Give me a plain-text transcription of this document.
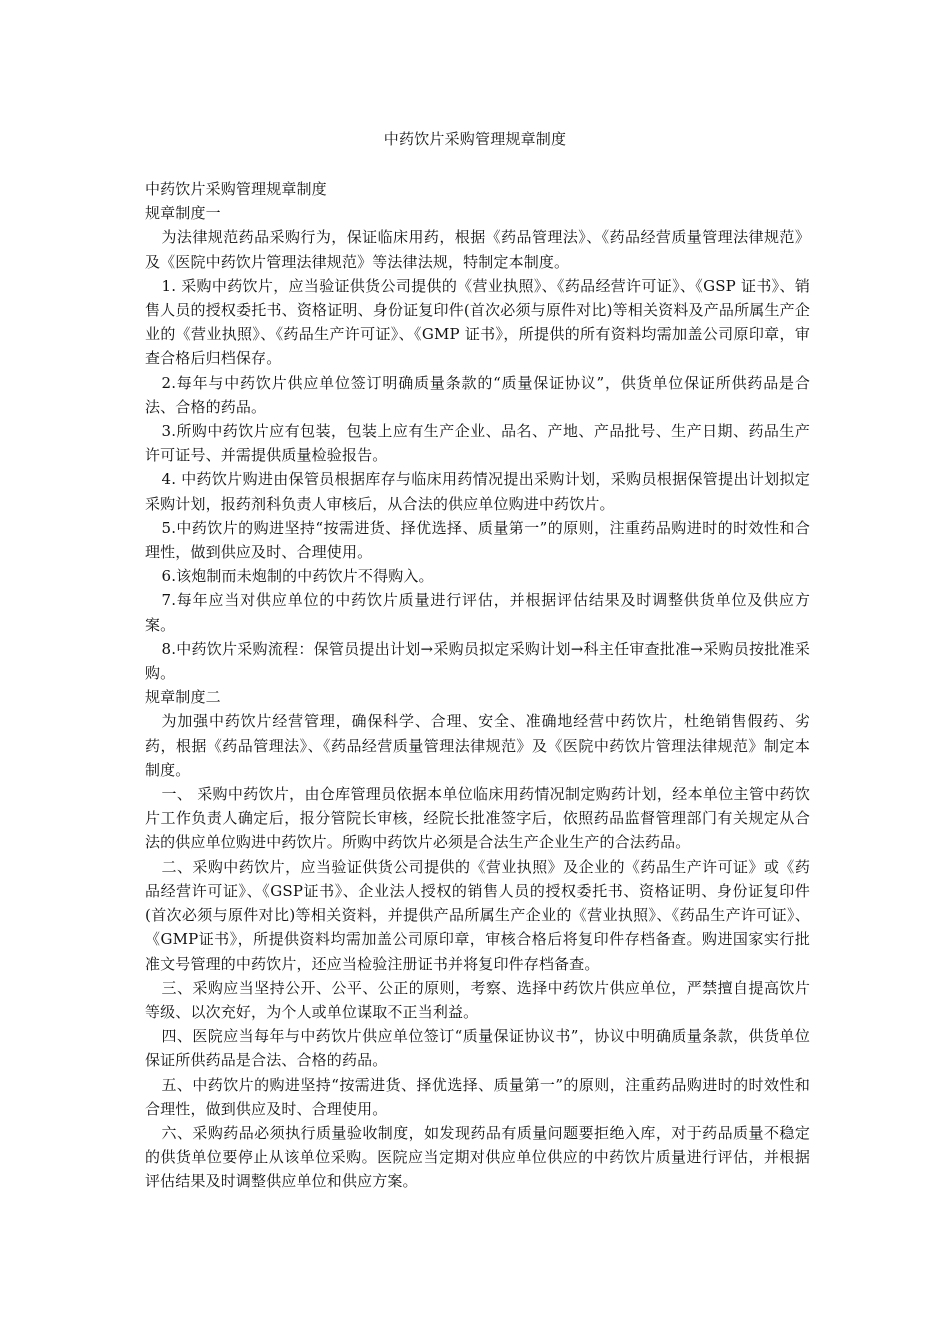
中药饮片采购管理规章制度

中药饮片采购管理规章制度

规章制度一

为法律规范药品采购行为，保证临床用药，根据《药品管理法》、《药品经营质量管理法律规范》及《医院中药饮片管理法律规范》等法律法规，特制定本制度。

1. 采购中药饮片，应当验证供货公司提供的《营业执照》、《药品经营许可证》、《GSP 证书》、销售人员的授权委托书、资格证明、身份证复印件(首次必须与原件对比)等相关资料及产品所属生产企业的《营业执照》、《药品生产许可证》、《GMP 证书》，所提供的所有资料均需加盖公司原印章，审查合格后归档保存。

2.每年与中药饮片供应单位签订明确质量条款的“质量保证协议”，供货单位保证所供药品是合法、合格的药品。

3.所购中药饮片应有包装，包装上应有生产企业、品名、产地、产品批号、生产日期、药品生产许可证号、并需提供质量检验报告。

4. 中药饮片购进由保管员根据库存与临床用药情况提出采购计划，采购员根据保管提出计划拟定采购计划，报药剂科负责人审核后，从合法的供应单位购进中药饮片。

5.中药饮片的购进坚持“按需进货、择优选择、质量第一”的原则，注重药品购进时的时效性和合理性，做到供应及时、合理使用。

6.该炮制而未炮制的中药饮片不得购入。

7.每年应当对供应单位的中药饮片质量进行评估，并根据评估结果及时调整供货单位及供应方案。

8.中药饮片采购流程：保管员提出计划→采购员拟定采购计划→科主任审查批准→采购员按批准采购。

规章制度二

为加强中药饮片经营管理，确保科学、合理、安全、准确地经营中药饮片，杜绝销售假药、劣药，根据《药品管理法》、《药品经营质量管理法律规范》及《医院中药饮片管理法律规范》制定本制度。

一、 采购中药饮片，由仓库管理员依据本单位临床用药情况制定购药计划，经本单位主管中药饮片工作负责人确定后，报分管院长审核，经院长批准签字后，依照药品监督管理部门有关规定从合法的供应单位购进中药饮片。所购中药饮片必须是合法生产企业生产的合法药品。

二、采购中药饮片，应当验证供货公司提供的《营业执照》及企业的《药品生产许可证》或《药品经营许可证》、《GSP证书》、企业法人授权的销售人员的授权委托书、资格证明、身份证复印件(首次必须与原件对比)等相关资料，并提供产品所属生产企业的《营业执照》、《药品生产许可证》、《GMP证书》，所提供资料均需加盖公司原印章，审核合格后将复印件存档备查。购进国家实行批准文号管理的中药饮片，还应当检验注册证书并将复印件存档备查。

三、采购应当坚持公开、公平、公正的原则，考察、选择中药饮片供应单位，严禁擅自提高饮片等级、以次充好，为个人或单位谋取不正当利益。

四、医院应当每年与中药饮片供应单位签订“质量保证协议书”，协议中明确质量条款，供货单位保证所供药品是合法、合格的药品。

五、中药饮片的购进坚持“按需进货、择优选择、质量第一”的原则，注重药品购进时的时效性和合理性，做到供应及时、合理使用。

六、采购药品必须执行质量验收制度，如发现药品有质量问题要拒绝入库，对于药品质量不稳定的供货单位要停止从该单位采购。医院应当定期对供应单位供应的中药饮片质量进行评估，并根据评估结果及时调整供应单位和供应方案。
